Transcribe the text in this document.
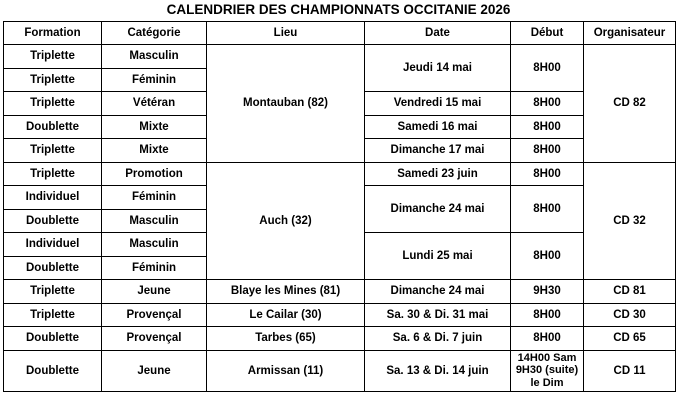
CALENDRIER DES CHAMPIONNATS OCCITANIE 2026
Formation	Catégorie	Lieu	Date	Début	Organisateur
Triplette	Masculin	Montauban (82)	Jeudi 14 mai	8H00	CD 82
Triplette	Féminin				
Triplette	Vétéran		Vendredi 15 mai	8H00	
Doublette	Mixte		Samedi 16 mai	8H00	
Triplette	Mixte		Dimanche 17 mai	8H00	
Triplette	Promotion	Auch (32)	Samedi 23 juin	8H00	CD 32
Individuel	Féminin		Dimanche 24 mai	8H00	
Doublette	Masculin				
Individuel	Masculin		Lundi 25 mai	8H00	
Doublette	Féminin				
Triplette	Jeune	Blaye les Mines (81)	Dimanche 24 mai	9H30	CD 81
Triplette	Provençal	Le Cailar (30)	Sa. 30 & Di. 31 mai	8H00	CD 30
Doublette	Provençal	Tarbes (65)	Sa. 6 & Di. 7 juin	8H00	CD 65
Doublette	Jeune	Armissan (11)	Sa. 13 & Di. 14 juin	14H00 Sam 9H30 (suite) le Dim	CD 11
